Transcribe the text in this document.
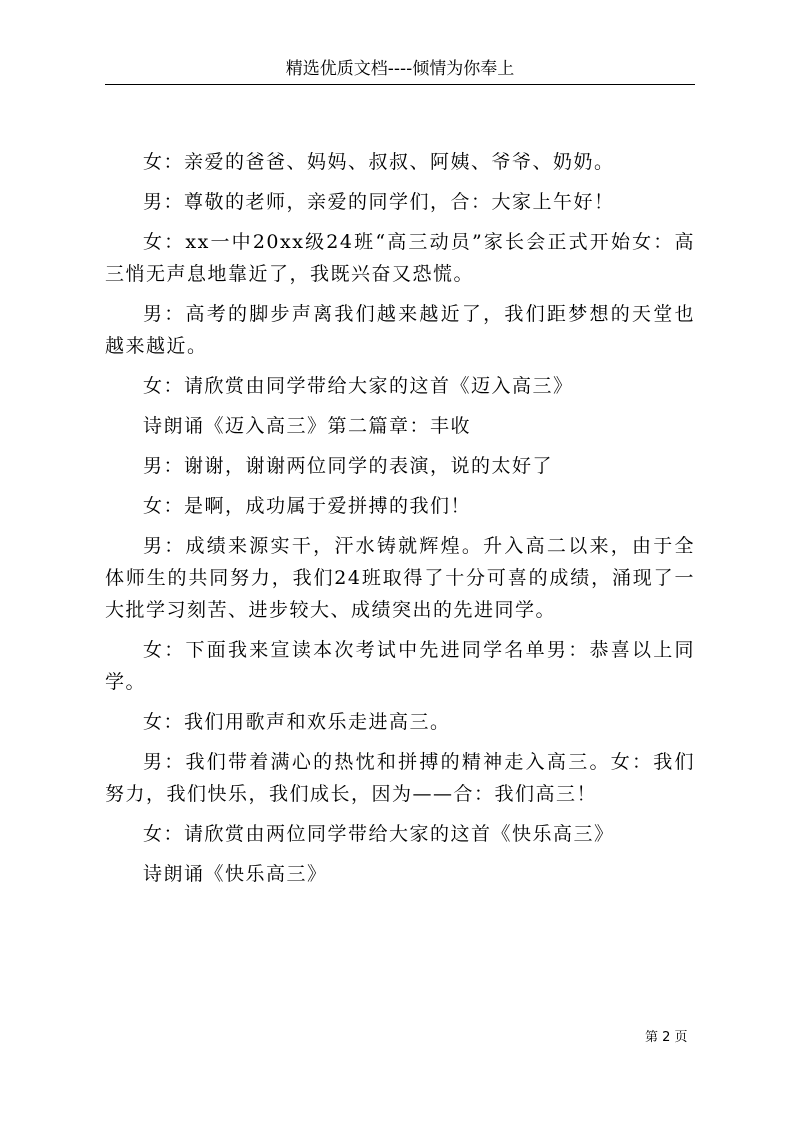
精选优质文档----倾情为你奉上

女：亲爱的爸爸、妈妈、叔叔、阿姨、爷爷、奶奶。

男：尊敬的老师，亲爱的同学们，合：大家上午好！

女：xx一中20xx级24班“高三动员”家长会正式开始女：高三悄无声息地靠近了，我既兴奋又恐慌。

男：高考的脚步声离我们越来越近了，我们距梦想的天堂也越来越近。

女：请欣赏由同学带给大家的这首《迈入高三》

诗朗诵《迈入高三》第二篇章：丰收

男：谢谢，谢谢两位同学的表演，说的太好了

女：是啊，成功属于爱拼搏的我们！

男：成绩来源实干，汗水铸就辉煌。升入高二以来，由于全体师生的共同努力，我们24班取得了十分可喜的成绩，涌现了一大批学习刻苦、进步较大、成绩突出的先进同学。

女：下面我来宣读本次考试中先进同学名单男：恭喜以上同学。

女：我们用歌声和欢乐走进高三。

男：我们带着满心的热忱和拼搏的精神走入高三。女：我们努力，我们快乐，我们成长，因为——合：我们高三！

女：请欣赏由两位同学带给大家的这首《快乐高三》

诗朗诵《快乐高三》

第 2 页
